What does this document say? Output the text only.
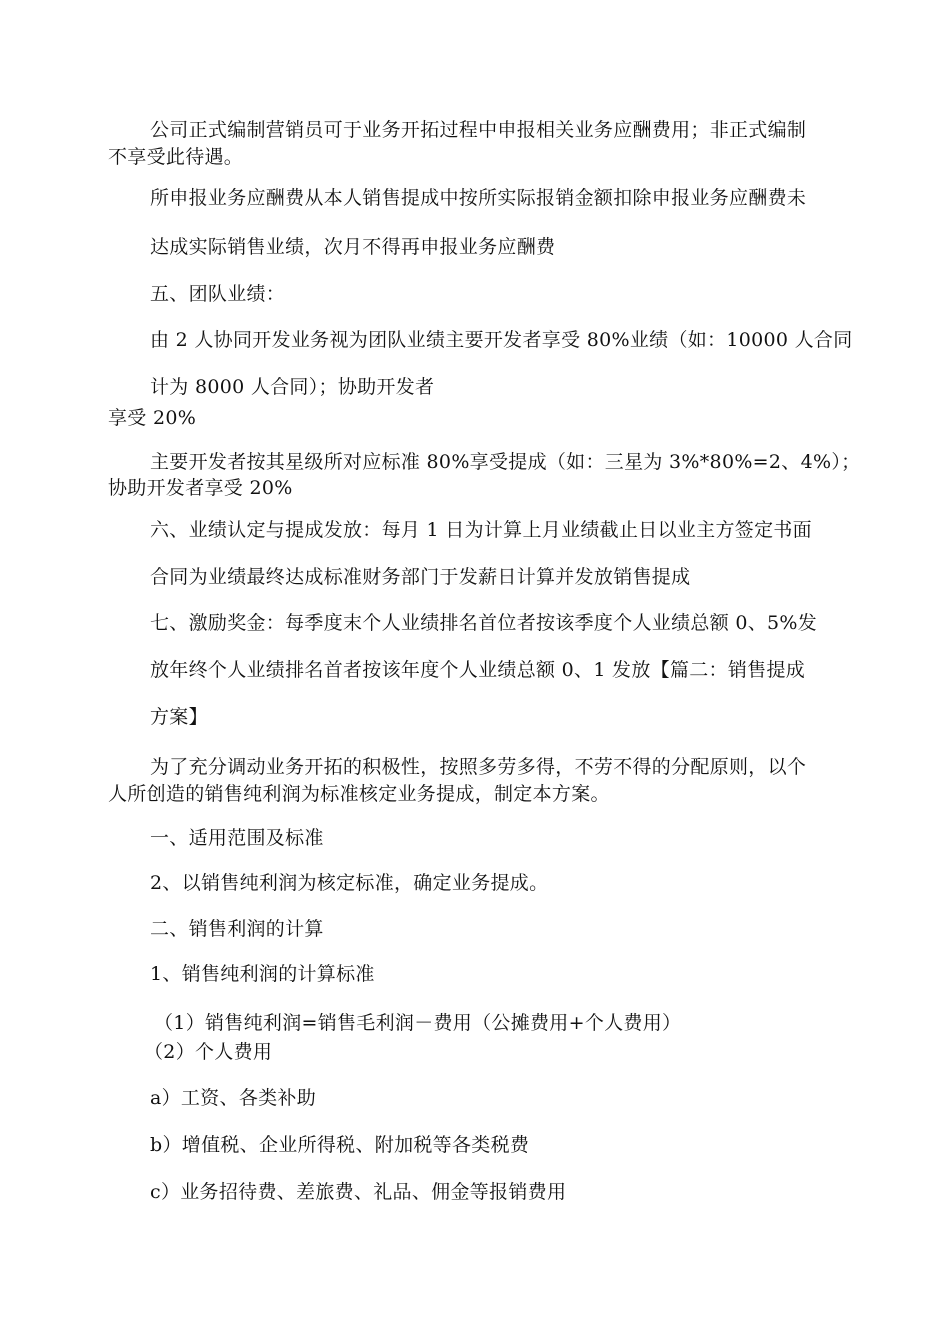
公司正式编制营销员可于业务开拓过程中申报相关业务应酬费用；非正式编制
不享受此待遇。
所申报业务应酬费从本人销售提成中按所实际报销金额扣除申报业务应酬费未
达成实际销售业绩，次月不得再申报业务应酬费
五、团队业绩：
由 2 人协同开发业务视为团队业绩主要开发者享受 80%业绩（如：10000 人合同
计为 8000 人合同）；协助开发者
享受 20%
主要开发者按其星级所对应标准 80%享受提成（如：三星为 3%*80%=2、4%）；
协助开发者享受 20%
六、业绩认定与提成发放：每月 1 日为计算上月业绩截止日以业主方签定书面
合同为业绩最终达成标准财务部门于发薪日计算并发放销售提成
七、激励奖金：每季度末个人业绩排名首位者按该季度个人业绩总额 0、5%发
放年终个人业绩排名首者按该年度个人业绩总额 0、1 发放【篇二：销售提成
方案】
为了充分调动业务开拓的积极性，按照多劳多得，不劳不得的分配原则，以个
人所创造的销售纯利润为标准核定业务提成，制定本方案。
一、适用范围及标准
2、以销售纯利润为核定标准，确定业务提成。
二、销售利润的计算
1、销售纯利润的计算标准
（1）销售纯利润=销售毛利润－费用（公摊费用+个人费用）
（2）个人费用
a）工资、各类补助
b）增值税、企业所得税、附加税等各类税费
c）业务招待费、差旅费、礼品、佣金等报销费用
